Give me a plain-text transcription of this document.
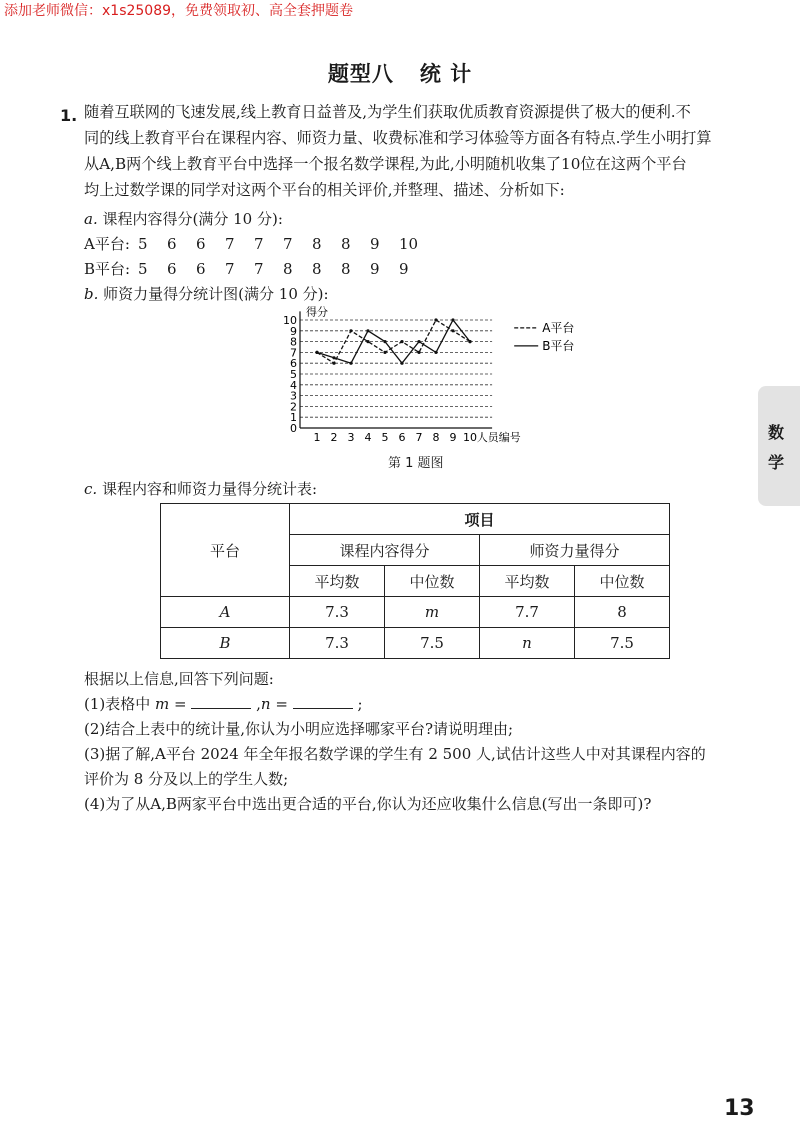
添加老师微信：x1s25089，免费领取初、高全套押题卷
题型八 统 计
1. 随着互联网的飞速发展,线上教育日益普及,为学生们获取优质教育资源提供了极大的便利.不
同的线上教育平台在课程内容、师资力量、收费标准和学习体验等方面各有特点.学生小明打算
从A,B两个线上教育平台中选择一个报名数学课程,为此,小明随机收集了10位在这两个平台
均上过数学课的同学对这两个平台的相关评价,并整理、描述、分析如下:
a. 课程内容得分(满分 10 分):
A平台: 5 6 6 7 7 7 8 8 9 10
B平台: 5 6 6 7 7 8 8 8 9 9
b. 师资力量得分统计图(满分 10 分):
0
1
2
3
4
5
6
7
8
9
10
1 2 3 4 5 6 7 8 9 10 人员编号
得分
A平台
B平台
第 1 题图
c. 课程内容和师资力量得分统计表:
平台	项目			
	课程内容得分		师资力量得分	
	平均数	中位数	平均数	中位数
A	7.3	m	7.7	8
B	7.3	7.5	n	7.5
根据以上信息,回答下列问题:
(1)表格中 m =	,n =	;
(2)结合上表中的统计量,你认为小明应选择哪家平台?请说明理由;
(3)据了解,A平台 2024 年全年报名数学课的学生有 2 500 人,试估计这些人中对其课程内容的
评价为 8 分及以上的学生人数;
(4)为了从A,B两家平台中选出更合适的平台,你认为还应收集什么信息(写出一条即可)?
数
学
13
